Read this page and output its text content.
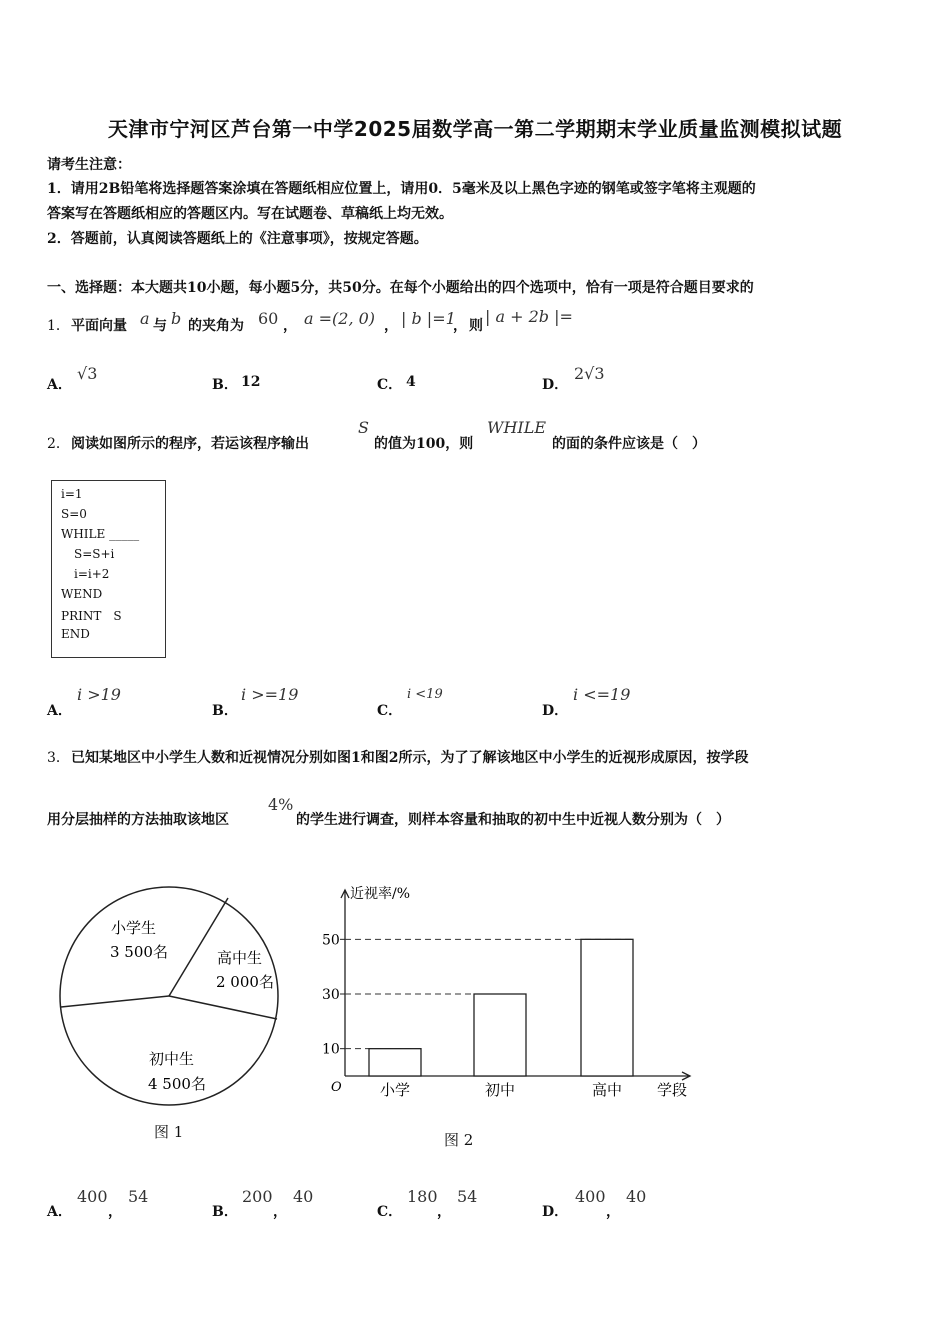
天津市宁河区芦台第一中学2025届数学高一第二学期期末学业质量监测模拟试题
请考生注意：
1．请用2B铅笔将选择题答案涂填在答题纸相应位置上，请用0．5毫米及以上黑色字迹的钢笔或签字笔将主观题的
答案写在答题纸相应的答题区内。写在试题卷、草稿纸上均无效。
2．答题前，认真阅读答题纸上的《注意事项》，按规定答题。
一、选择题：本大题共10小题，每小题5分，共50分。在每个小题给出的四个选项中，恰有一项是符合题目要求的
1． 平面向量 a 与 b 的夹角为 60 ， a =(2, 0) ， | b |=1
， 则 | a + 2b |=
A．
√3
B． 12	C． 4	D．
2√3
2． 阅读如图所示的程序，若运该程序输出
S
的值为100，则
WHILE
的面的条件应该是（　）
i=1
S=0
WHILE _____
S=S+i
i=i+2
WEND
PRINT　S
END
A．
i >19
B．
i >=19
C．
i <19
D．
i <=19
3． 已知某地区中小学生人数和近视情况分别如图1和图2所示，为了了解该地区中小学生的近视形成原因，按学段
用分层抽样的方法抽取该地区
4%
的学生进行调查，则样本容量和抽取的初中生中近视人数分别为（　）
小学生
3 500名	高中生
2 000名
初中生
4 500名
图 1
近视率/%
学段
O
10
小学
30
初中
50
高中
图 2
A．
400
，
54
B．
200
，
40
C．
180
，
54
D．
400
，
40
